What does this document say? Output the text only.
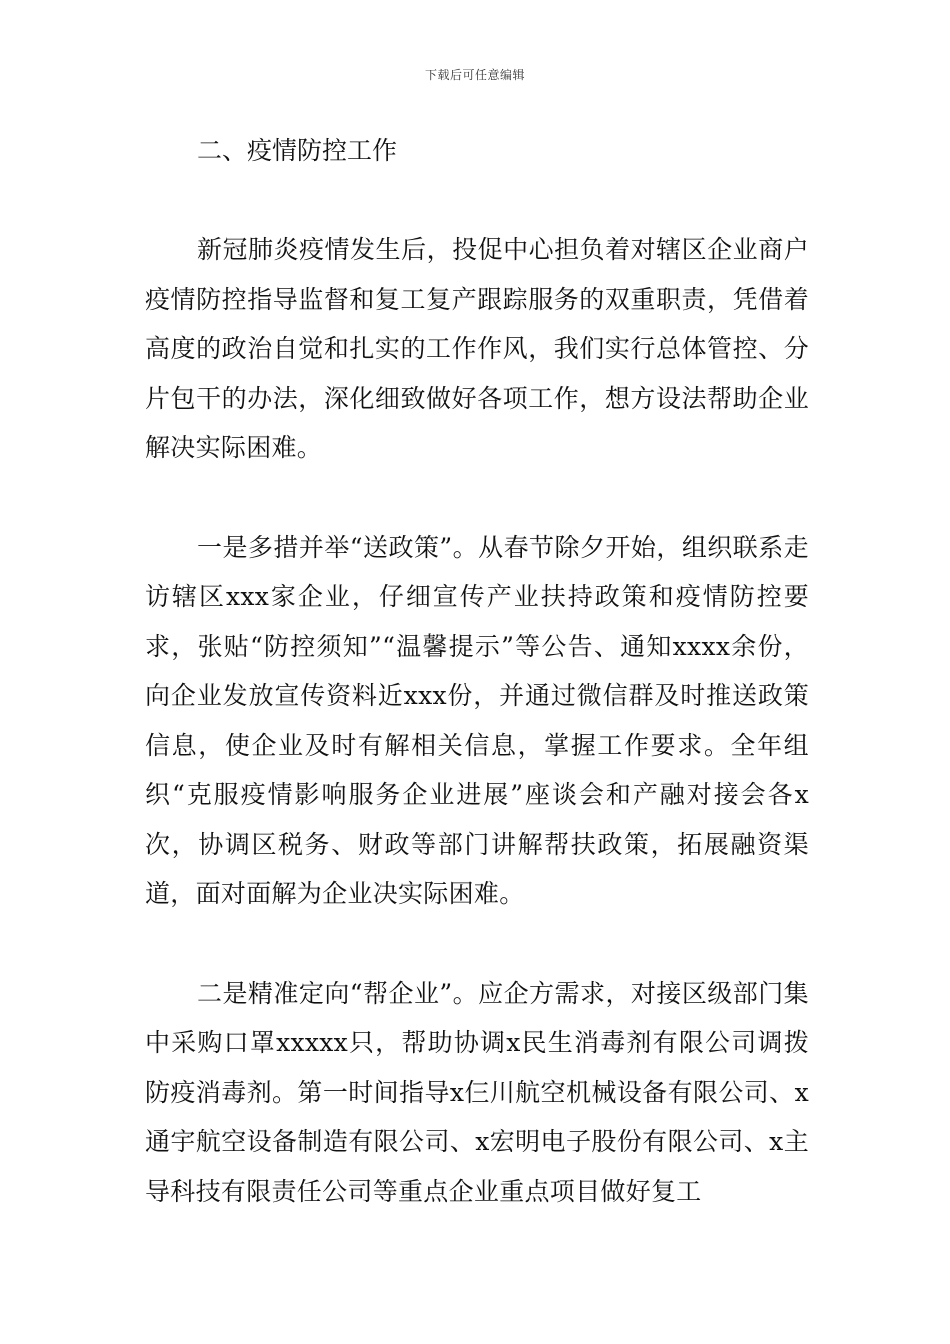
下载后可任意编辑
二、疫情防控工作

新冠肺炎疫情发生后，投促中心担负着对辖区企业商户疫情防控指导监督和复工复产跟踪服务的双重职责，凭借着高度的政治自觉和扎实的工作作风，我们实行总体管控、分片包干的办法，深化细致做好各项工作，想方设法帮助企业解决实际困难。

一是多措并举“送政策”。从春节除夕开始，组织联系走访辖区xxx家企业，仔细宣传产业扶持政策和疫情防控要求，张贴“防控须知”“温馨提示”等公告、通知xxxx余份，向企业发放宣传资料近xxx份，并通过微信群及时推送政策信息，使企业及时有解相关信息，掌握工作要求。全年组织“克服疫情影响服务企业进展”座谈会和产融对接会各x次，协调区税务、财政等部门讲解帮扶政策，拓展融资渠道，面对面解为企业决实际困难。

二是精准定向“帮企业”。应企方需求，对接区级部门集中采购口罩xxxxx只，帮助协调x民生消毒剂有限公司调拨防疫消毒剂。第一时间指导x仨川航空机械设备有限公司、x通宇航空设备制造有限公司、x宏明电子股份有限公司、x主导科技有限责任公司等重点企业重点项目做好复工
